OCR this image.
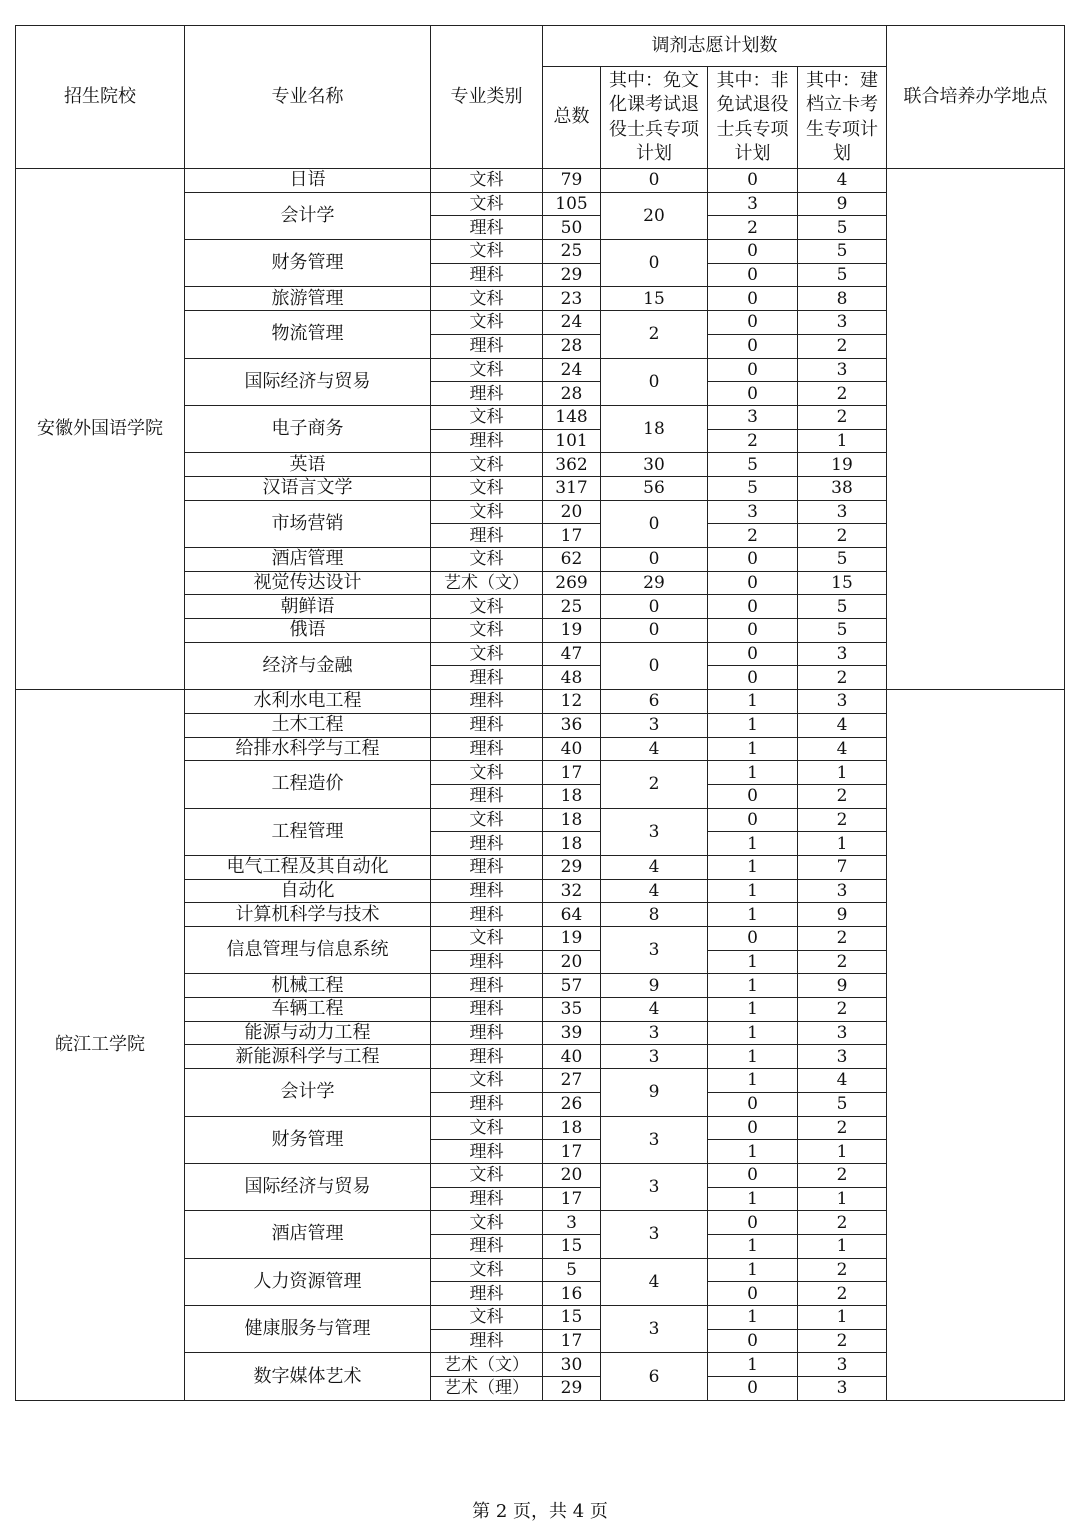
招生院校	专业名称	专业类别	调剂志愿计划数				联合培养办学地点
			总数	其中：免文化课考试退役士兵专项计划	其中：非免试退役士兵专项计划	其中：建档立卡考生专项计划	
安徽外国语学院	日语	文科	79	0	0	4	
	会计学	文科	105	20	3	9	
		理科	50		2	5	
	财务管理	文科	25	0	0	5	
		理科	29		0	5	
	旅游管理	文科	23	15	0	8	
	物流管理	文科	24	2	0	3	
		理科	28		0	2	
	国际经济与贸易	文科	24	0	0	3	
		理科	28		0	2	
	电子商务	文科	148	18	3	2	
		理科	101		2	1	
	英语	文科	362	30	5	19	
	汉语言文学	文科	317	56	5	38	
	市场营销	文科	20	0	3	3	
		理科	17		2	2	
	酒店管理	文科	62	0	0	5	
	视觉传达设计	艺术（文）	269	29	0	15	
	朝鲜语	文科	25	0	0	5	
	俄语	文科	19	0	0	5	
	经济与金融	文科	47	0	0	3	
		理科	48		0	2	
皖江工学院	水利水电工程	理科	12	6	1	3	
	土木工程	理科	36	3	1	4	
	给排水科学与工程	理科	40	4	1	4	
	工程造价	文科	17	2	1	1	
		理科	18		0	2	
	工程管理	文科	18	3	0	2	
		理科	18		1	1	
	电气工程及其自动化	理科	29	4	1	7	
	自动化	理科	32	4	1	3	
	计算机科学与技术	理科	64	8	1	9	
	信息管理与信息系统	文科	19	3	0	2	
		理科	20		1	2	
	机械工程	理科	57	9	1	9	
	车辆工程	理科	35	4	1	2	
	能源与动力工程	理科	39	3	1	3	
	新能源科学与工程	理科	40	3	1	3	
	会计学	文科	27	9	1	4	
		理科	26		0	5	
	财务管理	文科	18	3	0	2	
		理科	17		1	1	
	国际经济与贸易	文科	20	3	0	2	
		理科	17		1	1	
	酒店管理	文科	3	3	0	2	
		理科	15		1	1	
	人力资源管理	文科	5	4	1	2	
		理科	16		0	2	
	健康服务与管理	文科	15	3	1	1	
		理科	17		0	2	
	数字媒体艺术	艺术（文）	30	6	1	3	
		艺术（理）	29		0	3	
第 2 页，共 4 页
